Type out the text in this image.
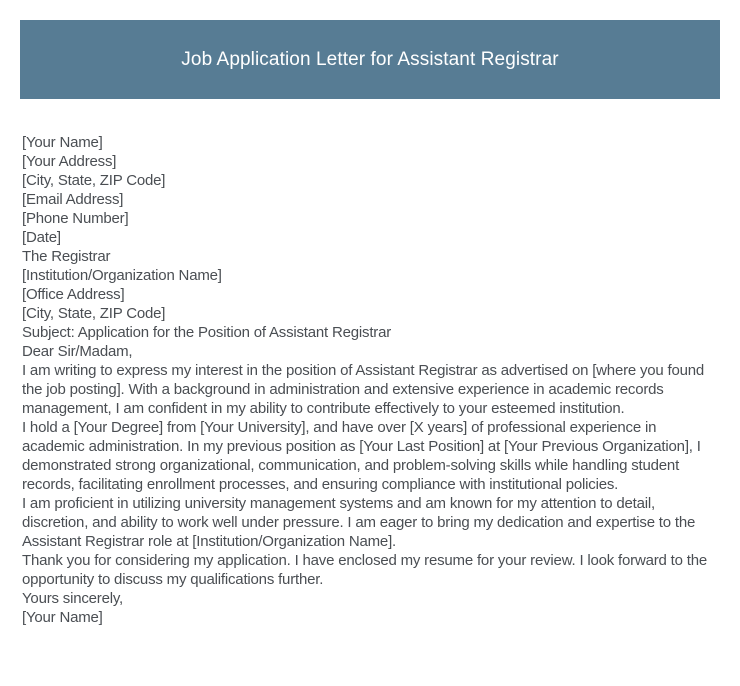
Job Application Letter for Assistant Registrar
[Your Name]
[Your Address]
[City, State, ZIP Code]
[Email Address]
[Phone Number]
[Date]
The Registrar
[Institution/Organization Name]
[Office Address]
[City, State, ZIP Code]
Subject: Application for the Position of Assistant Registrar
Dear Sir/Madam,
I am writing to express my interest in the position of Assistant Registrar as advertised on [where you found the job posting]. With a background in administration and extensive experience in academic records management, I am confident in my ability to contribute effectively to your esteemed institution.
I hold a [Your Degree] from [Your University], and have over [X years] of professional experience in academic administration. In my previous position as [Your Last Position] at [Your Previous Organization], I demonstrated strong organizational, communication, and problem-solving skills while handling student records, facilitating enrollment processes, and ensuring compliance with institutional policies.
I am proficient in utilizing university management systems and am known for my attention to detail, discretion, and ability to work well under pressure. I am eager to bring my dedication and expertise to the Assistant Registrar role at [Institution/Organization Name].
Thank you for considering my application. I have enclosed my resume for your review. I look forward to the opportunity to discuss my qualifications further.
Yours sincerely,
[Your Name]
